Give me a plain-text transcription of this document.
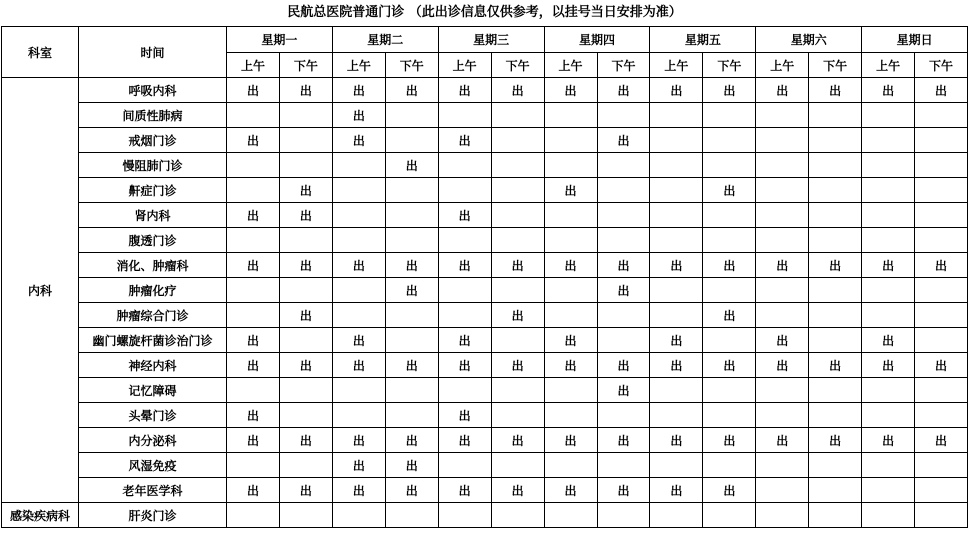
民航总医院普通门诊 （此出诊信息仅供参考，以挂号当日安排为准）
科室	时间	星期一		星期二		星期三		星期四		星期五		星期六		星期日	
		上午	下午	上午	下午	上午	下午	上午	下午	上午	下午	上午	下午	上午	下午
内科	呼吸内科	出	出	出	出	出	出	出	出	出	出	出	出	出	出
	间质性肺病			出											
	戒烟门诊	出		出		出			出						
	慢阻肺门诊				出										
	鼾症门诊		出					出			出				
	肾内科	出	出			出									
	腹透门诊														
	消化、肿瘤科	出	出	出	出	出	出	出	出	出	出	出	出	出	出
	肿瘤化疗				出				出						
	肿瘤综合门诊		出				出				出				
	幽门螺旋杆菌诊治门诊	出		出		出		出		出		出		出	
	神经内科	出	出	出	出	出	出	出	出	出	出	出	出	出	出
	记忆障碍								出						
	头晕门诊	出				出									
	内分泌科	出	出	出	出	出	出	出	出	出	出	出	出	出	出
	风湿免疫			出	出										
	老年医学科	出	出	出	出	出	出	出	出	出	出				
感染疾病科	肝炎门诊														
